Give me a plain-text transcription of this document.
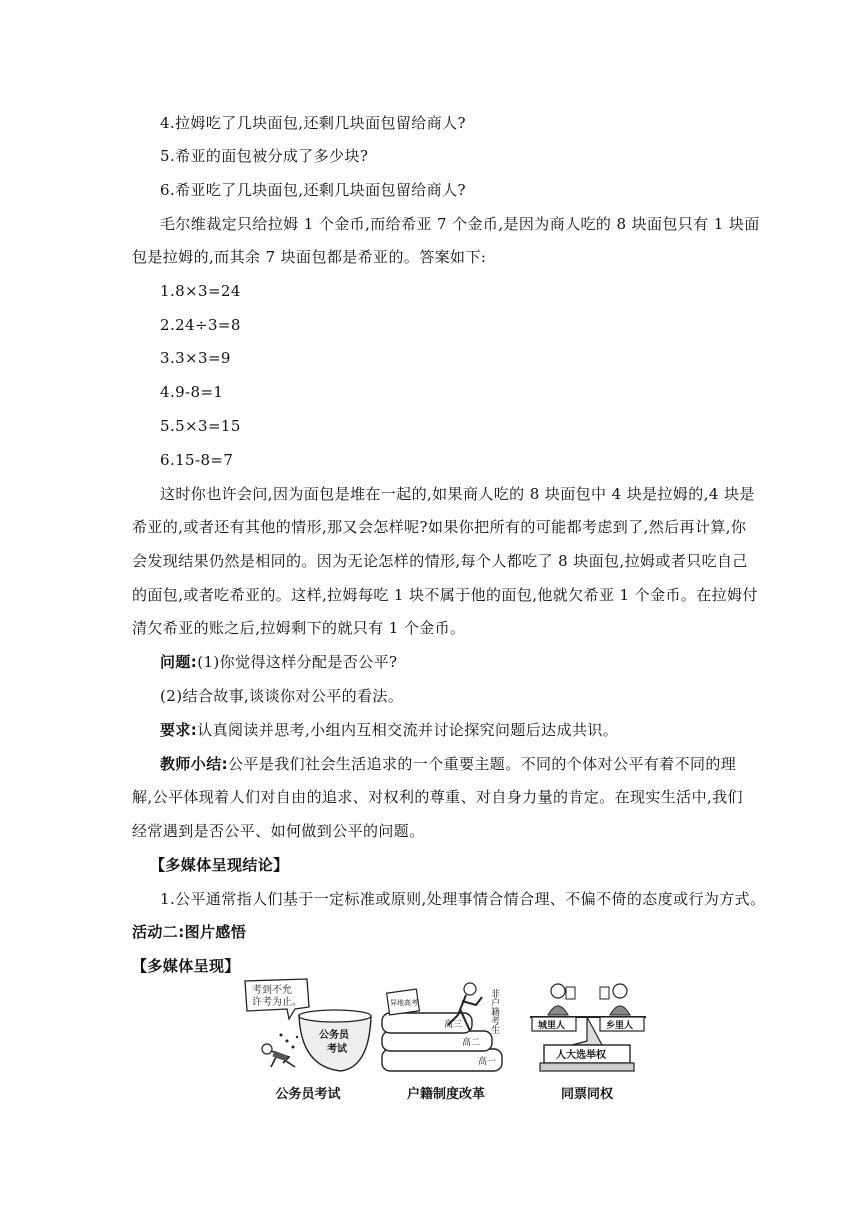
4.拉姆吃了几块面包,还剩几块面包留给商人?
5.希亚的面包被分成了多少块?
6.希亚吃了几块面包,还剩几块面包留给商人?
毛尔维裁定只给拉姆 1 个金币,而给希亚 7 个金币,是因为商人吃的 8 块面包只有 1 块面
包是拉姆的,而其余 7 块面包都是希亚的。答案如下:
1.8×3=24
2.24÷3=8
3.3×3=9
4.9-8=1
5.5×3=15
6.15-8=7
这时你也许会问,因为面包是堆在一起的,如果商人吃的 8 块面包中 4 块是拉姆的,4 块是
希亚的,或者还有其他的情形,那又会怎样呢?如果你把所有的可能都考虑到了,然后再计算,你
会发现结果仍然是相同的。因为无论怎样的情形,每个人都吃了 8 块面包,拉姆或者只吃自己
的面包,或者吃希亚的。这样,拉姆每吃 1 块不属于他的面包,他就欠希亚 1 个金币。在拉姆付
清欠希亚的账之后,拉姆剩下的就只有 1 个金币。
问题:(1)你觉得这样分配是否公平?
(2)结合故事,谈谈你对公平的看法。
要求:认真阅读并思考,小组内互相交流并讨论探究问题后达成共识。
教师小结:公平是我们社会生活追求的一个重要主题。不同的个体对公平有着不同的理
解,公平体现着人们对自由的追求、对权利的尊重、对自身力量的肯定。在现实生活中,我们
经常遇到是否公平、如何做到公平的问题。
【多媒体呈现结论】
1.公平通常指人们基于一定标准或原则,处理事情合情合理、不偏不倚的态度或行为方式。
活动二:图片感悟
【多媒体呈现】
考到不允
许考为止。
公务员
考试
公务员考试
高三
高二
高一
异地高考	非户籍考生
户籍制度改革
城里人	乡里人
人大选举权
同票同权
